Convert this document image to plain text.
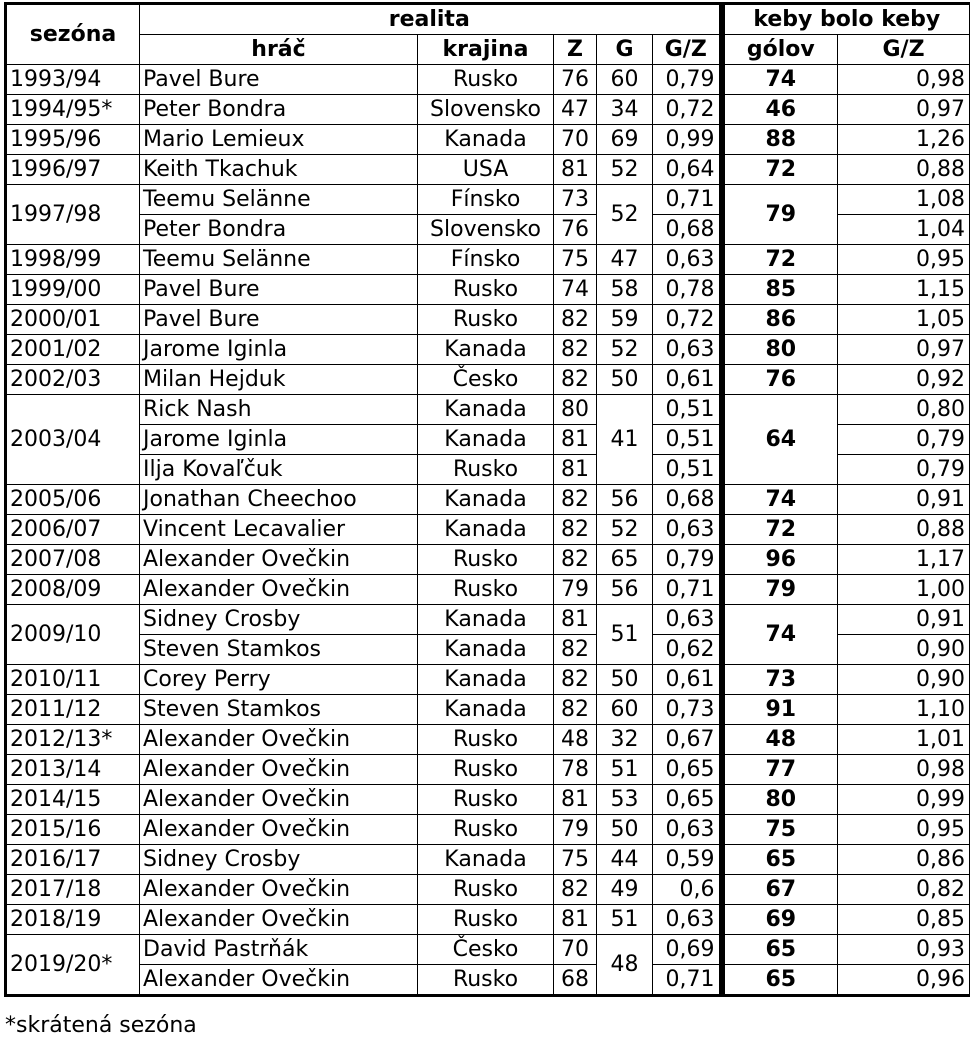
sezóna	realita					keby bolo keby	
	hráč	krajina	Z	G	G/Z	gólov	G/Z
1993/94	Pavel Bure	Rusko	76	60	0,79	74	0,98
1994/95*	Peter Bondra	Slovensko	47	34	0,72	46	0,97
1995/96	Mario Lemieux	Kanada	70	69	0,99	88	1,26
1996/97	Keith Tkachuk	USA	81	52	0,64	72	0,88
1997/98	Teemu Selänne	Fínsko	73	52	0,71	79	1,08
	Peter Bondra	Slovensko	76		0,68		1,04
1998/99	Teemu Selänne	Fínsko	75	47	0,63	72	0,95
1999/00	Pavel Bure	Rusko	74	58	0,78	85	1,15
2000/01	Pavel Bure	Rusko	82	59	0,72	86	1,05
2001/02	Jarome Iginla	Kanada	82	52	0,63	80	0,97
2002/03	Milan Hejduk	Česko	82	50	0,61	76	0,92
2003/04	Rick Nash	Kanada	80	41	0,51	64	0,80
	Jarome Iginla	Kanada	81		0,51		0,79
	Ilja Kovaľčuk	Rusko	81		0,51		0,79
2005/06	Jonathan Cheechoo	Kanada	82	56	0,68	74	0,91
2006/07	Vincent Lecavalier	Kanada	82	52	0,63	72	0,88
2007/08	Alexander Ovečkin	Rusko	82	65	0,79	96	1,17
2008/09	Alexander Ovečkin	Rusko	79	56	0,71	79	1,00
2009/10	Sidney Crosby	Kanada	81	51	0,63	74	0,91
	Steven Stamkos	Kanada	82		0,62		0,90
2010/11	Corey Perry	Kanada	82	50	0,61	73	0,90
2011/12	Steven Stamkos	Kanada	82	60	0,73	91	1,10
2012/13*	Alexander Ovečkin	Rusko	48	32	0,67	48	1,01
2013/14	Alexander Ovečkin	Rusko	78	51	0,65	77	0,98
2014/15	Alexander Ovečkin	Rusko	81	53	0,65	80	0,99
2015/16	Alexander Ovečkin	Rusko	79	50	0,63	75	0,95
2016/17	Sidney Crosby	Kanada	75	44	0,59	65	0,86
2017/18	Alexander Ovečkin	Rusko	82	49	0,6	67	0,82
2018/19	Alexander Ovečkin	Rusko	81	51	0,63	69	0,85
2019/20*	David Pastrňák	Česko	70	48	0,69	65	0,93
	Alexander Ovečkin	Rusko	68		0,71	65	0,96
*skrátená sezóna
